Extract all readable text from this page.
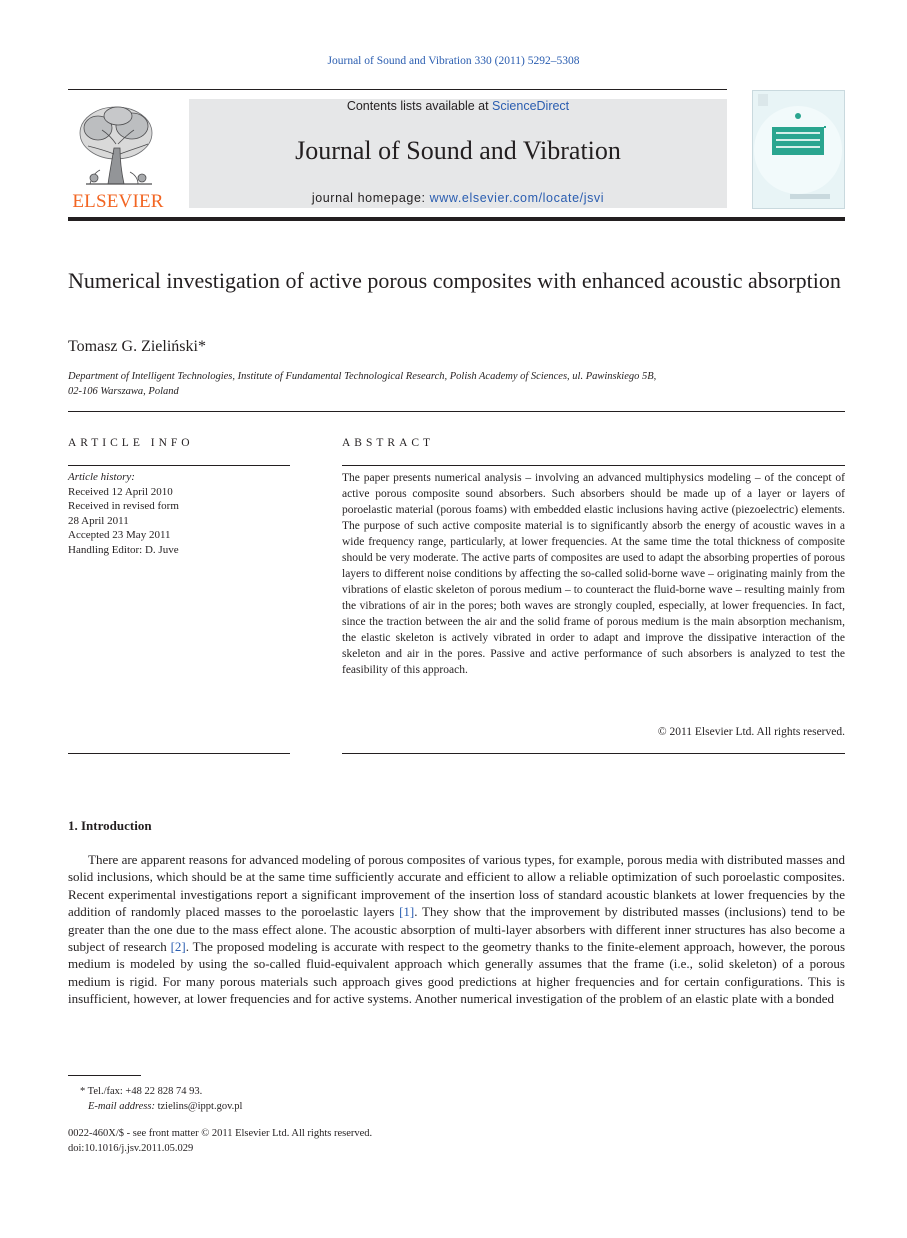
Journal of Sound and Vibration 330 (2011) 5292–5308
ELSEVIER
Contents lists available at ScienceDirect
Journal of Sound and Vibration
journal homepage: www.elsevier.com/locate/jsvi
Numerical investigation of active porous composites with enhanced acoustic absorption
Tomasz G. Zieliński*
Department of Intelligent Technologies, Institute of Fundamental Technological Research, Polish Academy of Sciences, ul. Pawinskiego 5B,
02-106 Warszawa, Poland
ARTICLE INFO
Article history:
Received 12 April 2010
Received in revised form
28 April 2011
Accepted 23 May 2011
Handling Editor: D. Juve
ABSTRACT

The paper presents numerical analysis – involving an advanced multiphysics modeling – of the concept of active porous composite sound absorbers. Such absorbers should be made up of a layer or layers of poroelastic material (porous foams) with embedded elastic inclusions having active (piezoelectric) elements. The purpose of such active composite material is to significantly absorb the energy of acoustic waves in a wide frequency range, particularly, at lower frequencies. At the same time the total thickness of composite should be very moderate. The active parts of composites are used to adapt the absorbing properties of porous layers to different noise conditions by affecting the so-called solid-borne wave – originating mainly from the vibrations of elastic skeleton of porous medium – to counteract the fluid-borne wave – resulting mainly from the vibrations of air in the pores; both waves are strongly coupled, especially, at lower frequencies. In fact, since the traction between the air and the solid frame of porous medium is the main absorption mechanism, the elastic skeleton is actively vibrated in order to adapt and improve the dissipative interaction of the skeleton and air in the pores. Passive and active performance of such absorbers is analyzed to test the feasibility of this approach.

© 2011 Elsevier Ltd. All rights reserved.
1. Introduction

There are apparent reasons for advanced modeling of porous composites of various types, for example, porous media with distributed masses and solid inclusions, which should be at the same time sufficiently accurate and efficient to allow a reliable optimization of such poroelastic composites. Recent experimental investigations report a significant improvement of the insertion loss of standard acoustic blankets at lower frequencies by the addition of randomly placed masses to the poroelastic layers [1]. They show that the improvement by distributed masses (inclusions) tend to be greater than the one due to the mass effect alone. The acoustic absorption of multi-layer absorbers with different inner structures has also become a subject of research [2]. The proposed modeling is accurate with respect to the geometry thanks to the finite-element approach, however, the porous medium is modeled by using the so-called fluid-equivalent approach which generally assumes that the frame (i.e., solid skeleton) of a porous medium is rigid. For many porous materials such approach gives good predictions at higher frequencies and for certain configurations. This is insufficient, however, at lower frequencies and for active systems. Another numerical investigation of the problem of an elastic plate with a bonded

* Tel./fax: +48 22 828 74 93.
E-mail address: tzielins@ippt.gov.pl
0022-460X/$ - see front matter © 2011 Elsevier Ltd. All rights reserved.
doi:10.1016/j.jsv.2011.05.029
